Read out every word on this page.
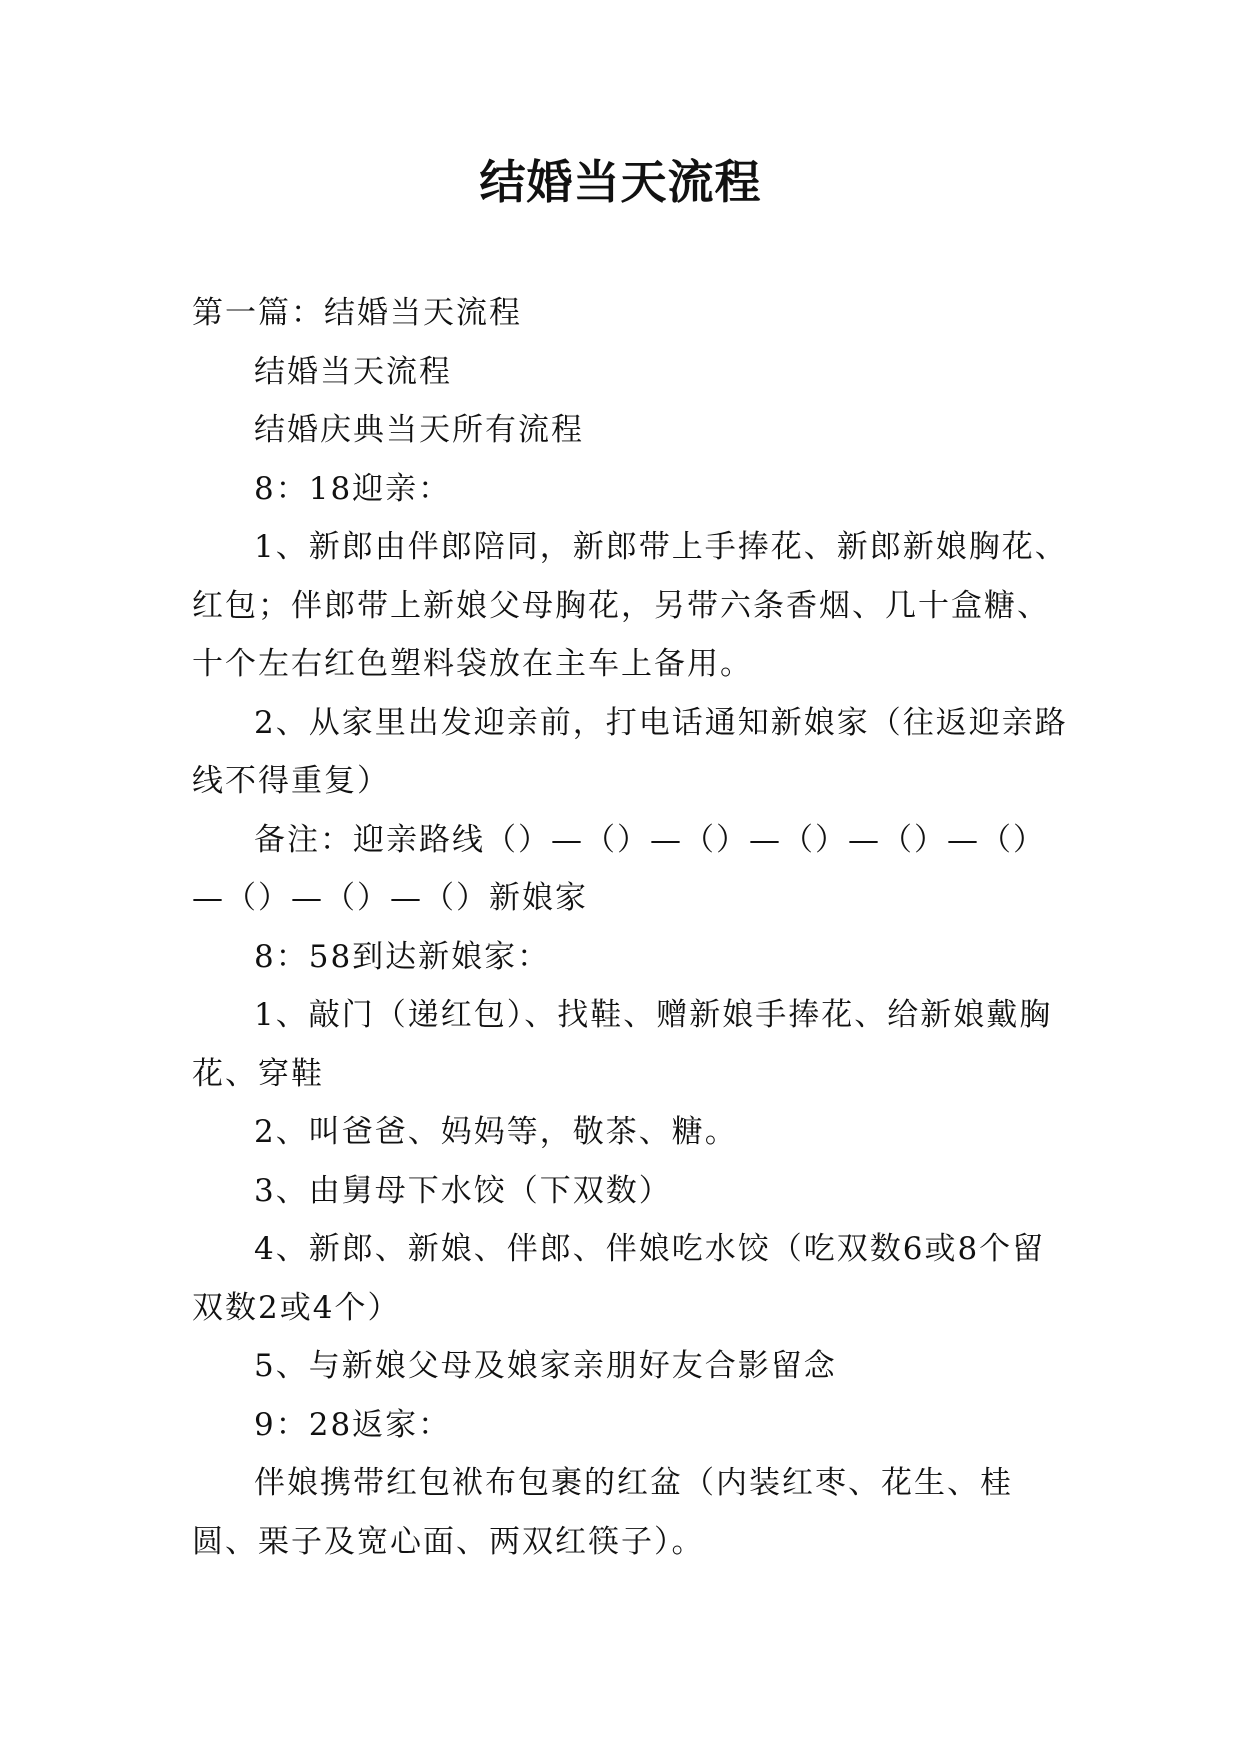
结婚当天流程

第一篇：结婚当天流程

结婚当天流程

结婚庆典当天所有流程

8：18迎亲：

1、新郎由伴郎陪同，新郎带上手捧花、新郎新娘胸花、红包；伴郎带上新娘父母胸花，另带六条香烟、几十盒糖、十个左右红色塑料袋放在主车上备用。

2、从家里出发迎亲前，打电话通知新娘家（往返迎亲路线不得重复）

备注：迎亲路线（）—（）—（）—（）—（）—（）—（）—（）—（）新娘家

8：58到达新娘家：

1、敲门（递红包）、找鞋、赠新娘手捧花、给新娘戴胸花、穿鞋

2、叫爸爸、妈妈等，敬茶、糖。

3、由舅母下水饺（下双数）

4、新郎、新娘、伴郎、伴娘吃水饺（吃双数6或8个留双数2或4个）

5、与新娘父母及娘家亲朋好友合影留念

9：28返家：

伴娘携带红包袱布包裹的红盆（内装红枣、花生、桂圆、栗子及宽心面、两双红筷子）。
